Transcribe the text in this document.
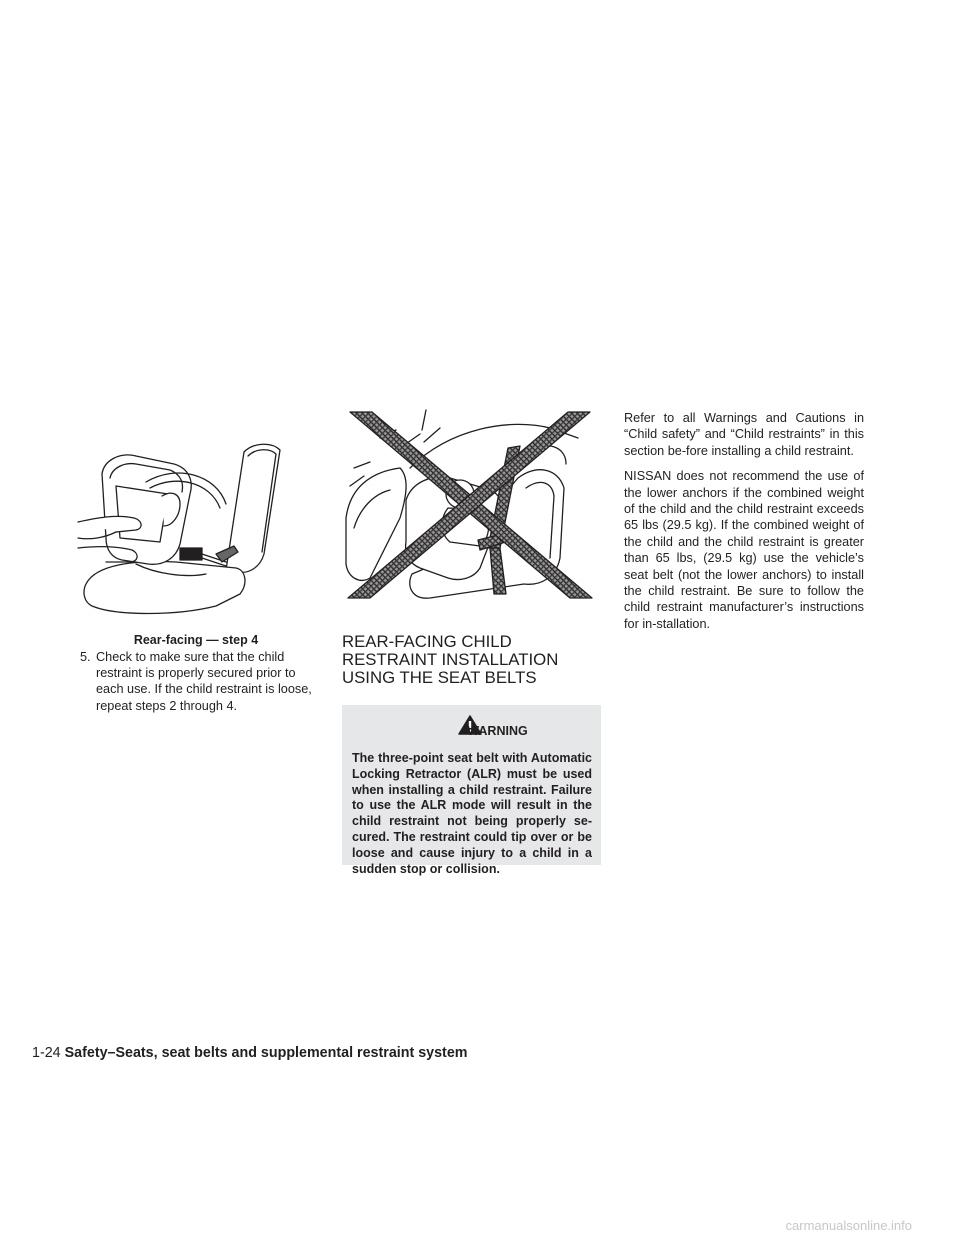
Rear-facing — step 4
5. Check to make sure that the child restraint is properly secured prior to each use. If the child restraint is loose, repeat steps 2 through 4.
REAR-FACING CHILD RESTRAINT INSTALLATION USING THE SEAT BELTS
WARNING

The three-point seat belt with Automatic Locking Retractor (ALR) must be used when installing a child restraint. Failure to use the ALR mode will result in the child restraint not being properly se-cured. The restraint could tip over or be loose and cause injury to a child in a sudden stop or collision.

Refer to all Warnings and Cautions in “Child safety” and “Child restraints” in this section be-fore installing a child restraint.

NISSAN does not recommend the use of the lower anchors if the combined weight of the child and the child restraint exceeds 65 lbs (29.5 kg). If the combined weight of the child and the child restraint is greater than 65 lbs, (29.5 kg) use the vehicle’s seat belt (not the lower anchors) to install the child restraint. Be sure to follow the child restraint manufacturer’s instructions for in-stallation.

1-24 Safety–Seats, seat belts and supplemental restraint system
carmanualsonline.info
